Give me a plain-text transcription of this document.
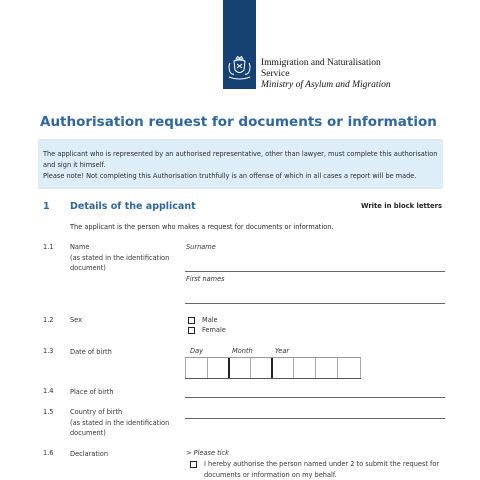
Immigration and Naturalisation
Service
Ministry of Asylum and Migration
Authorisation request for documents or information

The applicant who is represented by an authorised representative, other than lawyer, must complete this authorisation

and sign it himself.

Please note! Not completing this Authorisation truthfully is an offense of which in all cases a report will be made.

1 Details of the applicant	Write in block letters
The applicant is the person who makes a request for documents or information.
1.1	Name
(as stated in the identification
document)
Surname
First names
1.2	Sex	Male
Female
1.3	Date of birth	Day	Month	Year
1.4	Place of birth
1.5	Country of birth
(as stated in the identification
document)
1.6	Declaration	> Please tick
I hereby authorise the person named under 2 to submit the request for
documents or information on my behalf.
